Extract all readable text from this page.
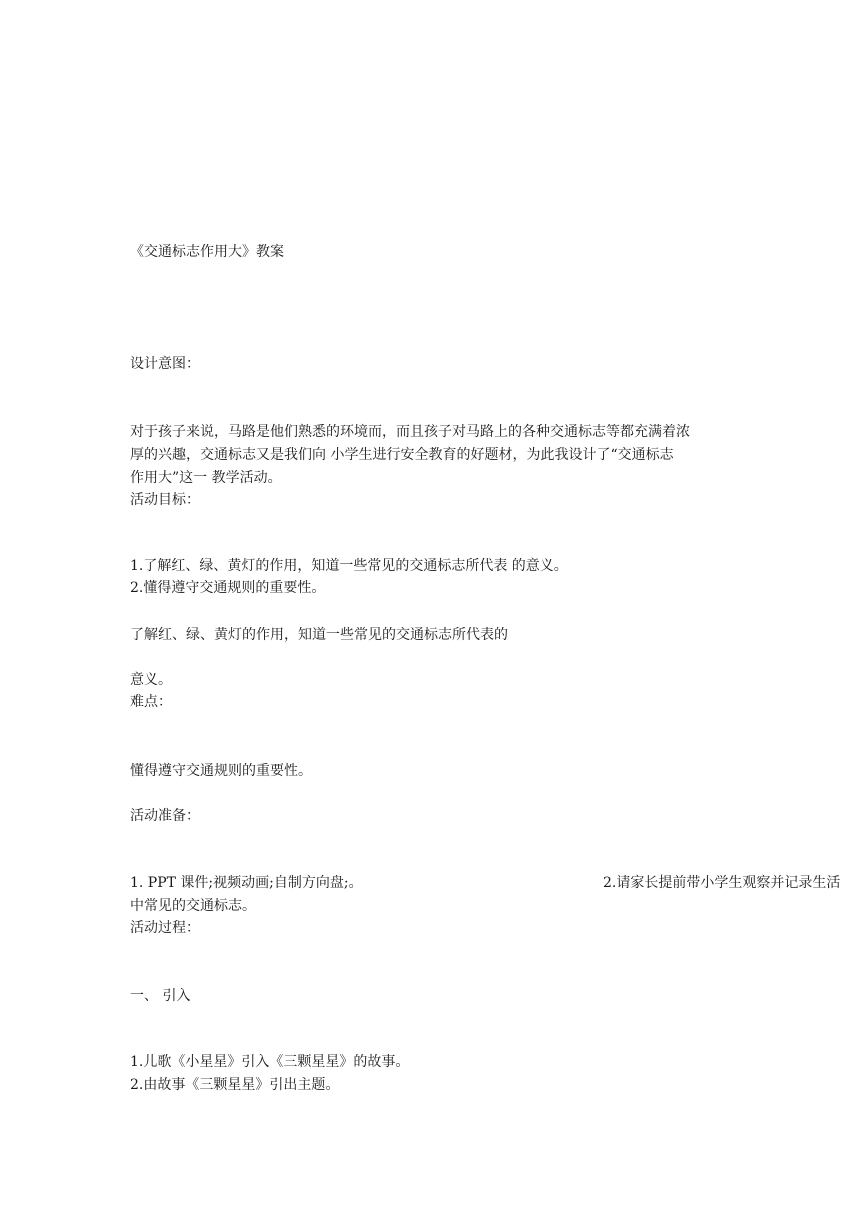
《交通标志作用大》教案
设计意图：
对于孩子来说，马路是他们熟悉的环境而，而且孩子对马路上的各种交通标志等都充满着浓
厚的兴趣，交通标志又是我们向 小学生进行安全教育的好题材，为此我设计了“交通标志
作用大”这一 教学活动。
活动目标：
1.了解红、绿、黄灯的作用，知道一些常见的交通标志所代表 的意义。
2.懂得遵守交通规则的重要性。
了解红、绿、黄灯的作用，知道一些常见的交通标志所代表的
意义。
难点：
懂得遵守交通规则的重要性。
活动准备：
1. PPT 课件;视频动画;自制方向盘;。	2.请家长提前带小学生观察并记录生活
中常见的交通标志。
活动过程：
一、 引入
1.儿歌《小星星》引入《三颗星星》的故事。
2.由故事《三颗星星》引出主题。
